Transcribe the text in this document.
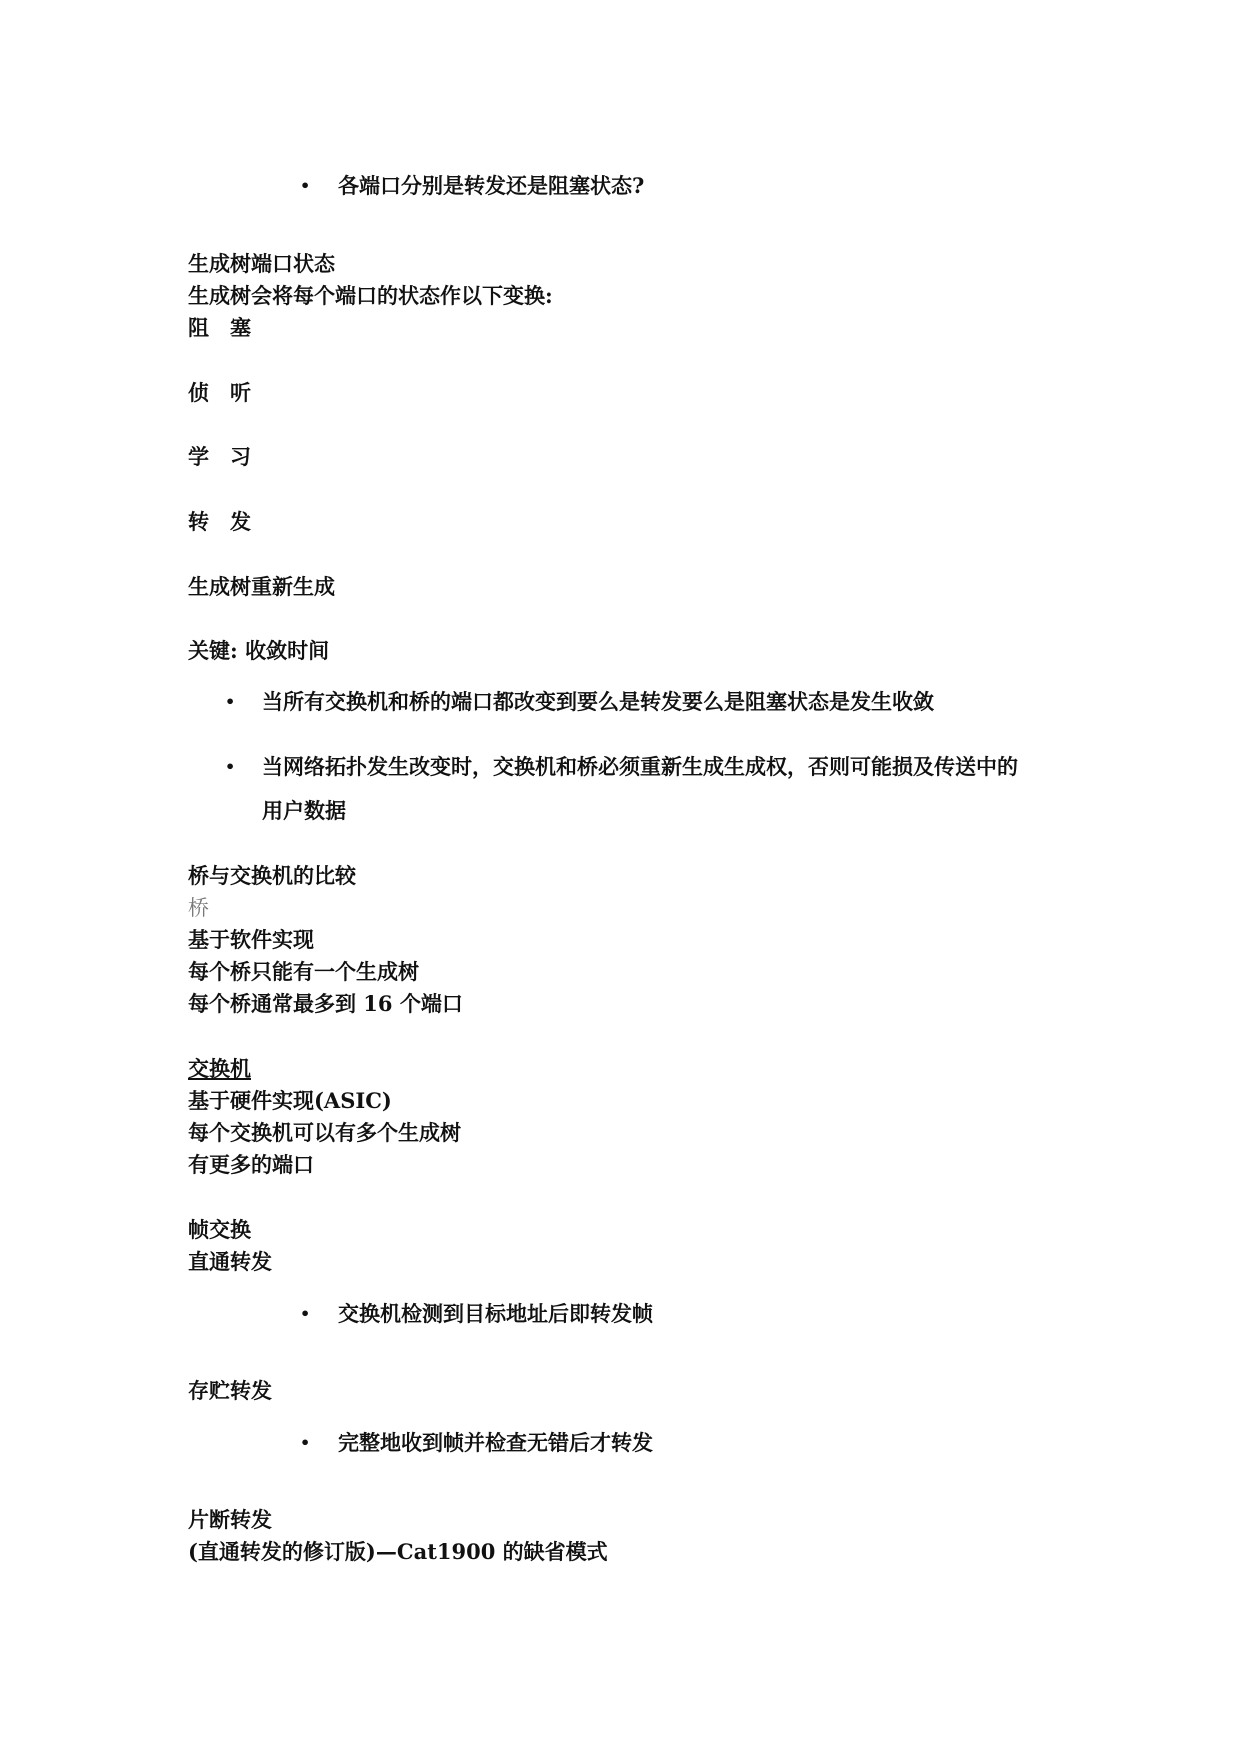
• 各端口分别是转发还是阻塞状态?
生成树端口状态
生成树会将每个端口的状态作以下变换:
阻　塞
侦　听
学　习
转　发
生成树重新生成
关键: 收敛时间
• 当所有交换机和桥的端口都改变到要么是转发要么是阻塞状态是发生收敛
• 当网络拓扑发生改变时，交换机和桥必须重新生成生成权，否则可能损及传送中的
用户数据
桥与交换机的比较
桥
基于软件实现
每个桥只能有一个生成树
每个桥通常最多到 16 个端口
交换机
基于硬件实现(ASIC)
每个交换机可以有多个生成树
有更多的端口
帧交换
直通转发
• 交换机检测到目标地址后即转发帧
存贮转发
• 完整地收到帧并检查无错后才转发
片断转发
(直通转发的修订版)—Cat1900 的缺省模式
